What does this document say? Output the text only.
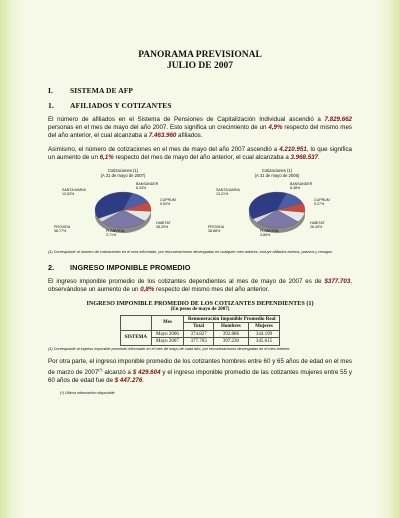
PANORAMA PREVISIONAL
JULIO DE 2007
I.	SISTEMA DE AFP
1.	AFILIADOS Y COTIZANTES

El número de afiliados en el Sistema de Pensiones de Capitalización Individual ascendió a 7.829.662 personas en el mes de mayo del año 2007. Esto significa un crecimiento de un 4,9% respecto del mismo mes del año anterior, el cual alcanzaba a 7.463.960 afiliados.

Asimismo, el número de cotizaciones en el mes de mayo del año 2007 ascendió a 4.210.951, lo que significa un aumento de un 6,1% respecto del mes de mayo del año anterior, el cual alcanzaba a 3.968.537.

Cotizaciones (1)
(A 31 de mayo de 2007)
SANTA MARIA
12.52%
BANSANDER
8.33%
CUPRUM
9.52%
HABITAT
28.20%
PLANVITAL
3.71%
PROVIDA
38.77%
Cotizaciones (1)
(A 31 de mayo de 2006)
SANTA MARIA
13.21%
BANSANDER
8.38%
CUPRUM
9.27%
HABITAT
26.40%
PLANVITAL
3.86%
PROVIDA
38.88%
(1) Corresponde al número de cotizaciones en el mes informado, por remuneraciones devengadas en cualquier mes anterior, incluye afiliados activos, pasivos y rezagos.
2.	INGRESO IMPONIBLE PROMEDIO

El ingreso imponible promedio de los cotizantes dependientes al mes de mayo de 2007 es de $377.703, observándose un aumento de un 0,8% respecto del mismo mes del año anterior.

INGRESO IMPONIBLE PROMEDIO DE LOS COTIZANTES DEPENDIENTES (1)
(En pesos de mayo de 2007)
	Mes	Remuneración Imponible Promedio Real		
		Total	Hombres	Mujeres
SISTEMA	Mayo 2006	374.827	392.886	344.199
	Mayo 2007	377.703	397.230	345.615
(1) Corresponde al ingreso imponible promedio informado en el mes de mayo de cada año, por remuneraciones devengadas en el mes anterior.

Por otra parte, el ingreso imponible promedio de los cotizantes hombres entre 60 y 65 años de edad en el mes de marzo de 2007(*) alcanzó a $ 429.604 y el ingreso imponible promedio de las cotizantes mujeres entre 55 y 60 años de edad fue de $ 447.276.

(*) Última información disponible
